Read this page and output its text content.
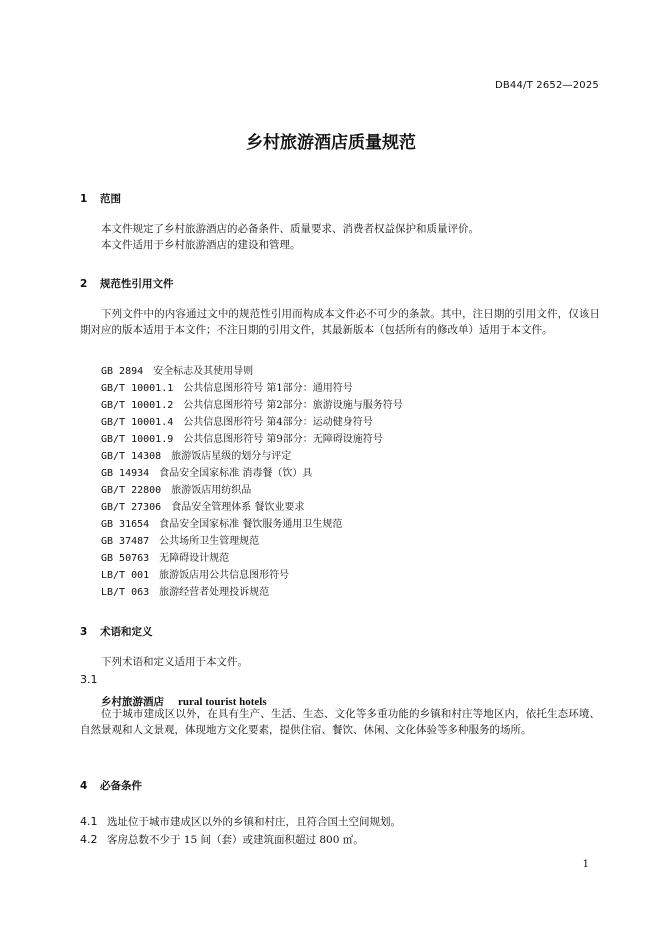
DB44/T 2652—2025
乡村旅游酒店质量规范
1 范围
本文件规定了乡村旅游酒店的必备条件、质量要求、消费者权益保护和质量评价。
本文件适用于乡村旅游酒店的建设和管理。
2 规范性引用文件
下列文件中的内容通过文中的规范性引用而构成本文件必不可少的条款。其中，注日期的引用文件，仅该日期对应的版本适用于本文件；不注日期的引用文件，其最新版本（包括所有的修改单）适用于本文件。
GB 2894 安全标志及其使用导则
GB/T 10001.1 公共信息图形符号 第1部分：通用符号
GB/T 10001.2 公共信息图形符号 第2部分：旅游设施与服务符号
GB/T 10001.4 公共信息图形符号 第4部分：运动健身符号
GB/T 10001.9 公共信息图形符号 第9部分：无障碍设施符号
GB/T 14308 旅游饭店星级的划分与评定
GB 14934 食品安全国家标准 消毒餐（饮）具
GB/T 22800 旅游饭店用纺织品
GB/T 27306 食品安全管理体系 餐饮业要求
GB 31654 食品安全国家标准 餐饮服务通用卫生规范
GB 37487 公共场所卫生管理规范
GB 50763 无障碍设计规范
LB/T 001 旅游饭店用公共信息图形符号
LB/T 063 旅游经营者处理投诉规范
3 术语和定义
下列术语和定义适用于本文件。
3.1
乡村旅游酒店 rural tourist hotels
位于城市建成区以外，在具有生产、生活、生态、文化等多重功能的乡镇和村庄等地区内，依托生态环境、自然景观和人文景观，体现地方文化要素，提供住宿、餐饮、休闲、文化体验等多种服务的场所。
4 必备条件
4.1 选址位于城市建成区以外的乡镇和村庄，且符合国土空间规划。
4.2 客房总数不少于 15 间（套）或建筑面积超过 800 ㎡。
1
